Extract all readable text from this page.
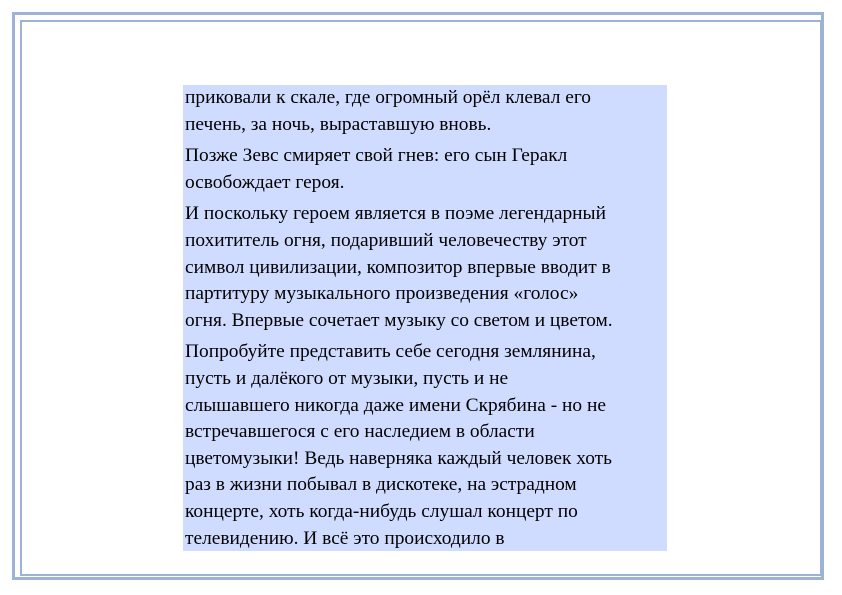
приковали к скале, где огромный орёл клевал его
печень, за ночь, выраставшую вновь.

Позже Зевс смиряет свой гнев: его сын Геракл
освобождает героя.

И поскольку героем является в поэме легендарный
похититель огня, подаривший человечеству этот
символ цивилизации, композитор впервые вводит в
партитуру музыкального произведения «голос»
огня. Впервые сочетает музыку со светом и цветом.

Попробуйте представить себе сегодня землянина,
пусть и далёкого от музыки, пусть и не
слышавшего никогда даже имени Скрябина - но не
встречавшегося с его наследием в области
цветомузыки! Ведь наверняка каждый человек хоть
раз в жизни побывал в дискотеке, на эстрадном
концерте, хоть когда-нибудь слушал концерт по
телевидению. И всё это происходило в
